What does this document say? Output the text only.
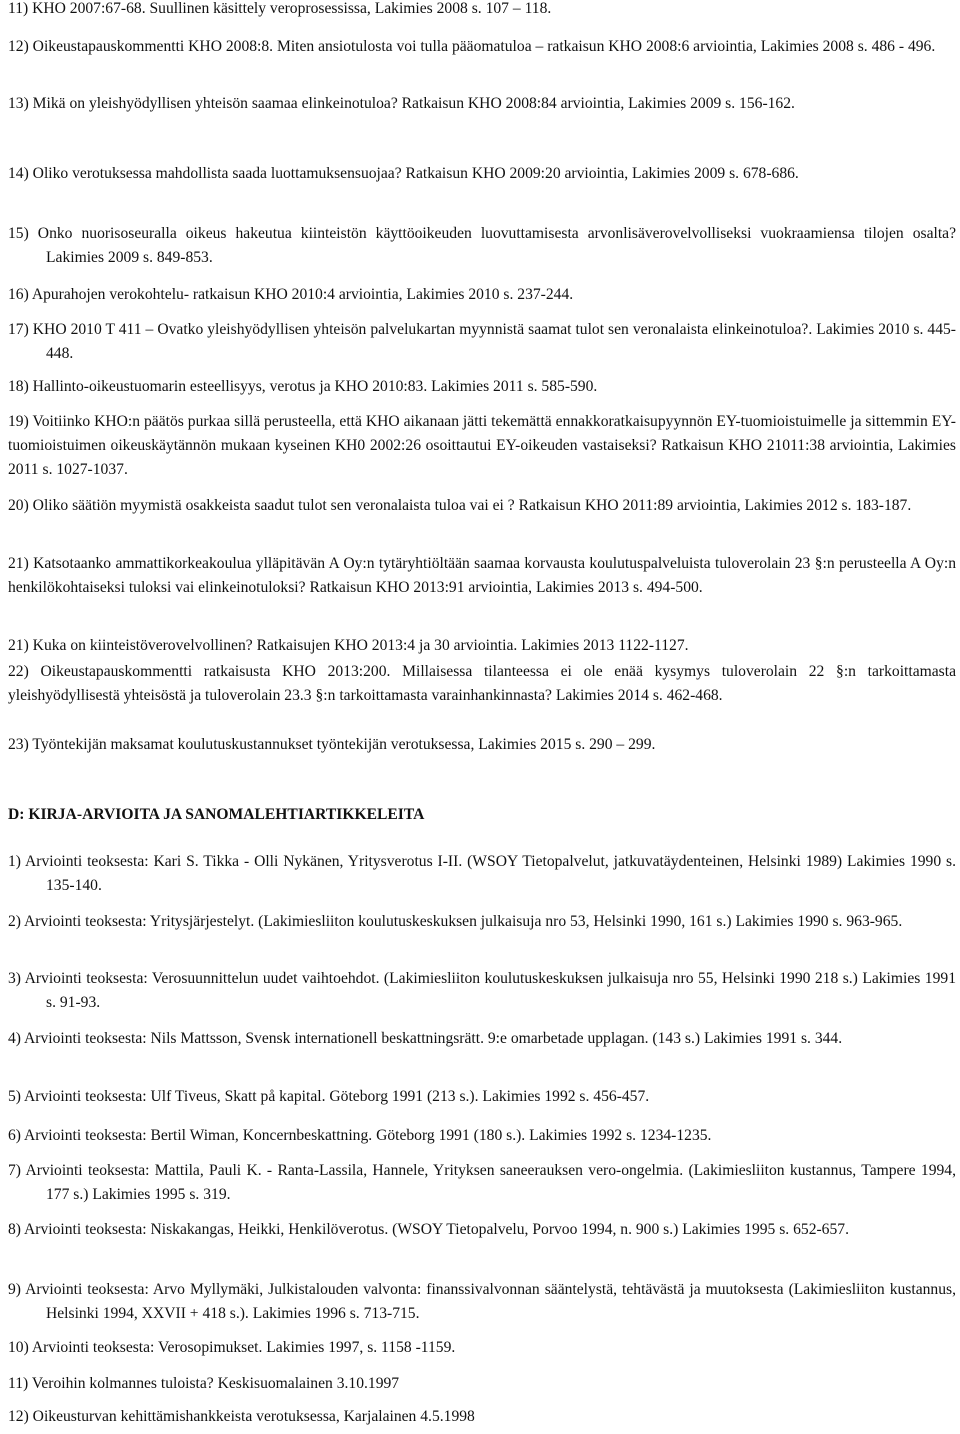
11) KHO 2007:67-68. Suullinen käsittely veroprosessissa, Lakimies 2008 s. 107 – 118.

12) Oikeustapauskommentti KHO 2008:8. Miten ansiotulosta voi tulla pääomatuloa – ratkaisun KHO 2008:6 arviointia, Lakimies 2008 s. 486 - 496.

13) Mikä on yleishyödyllisen yhteisön saamaa elinkeinotuloa? Ratkaisun KHO 2008:84 arviointia, Lakimies 2009 s. 156-162.

14) Oliko verotuksessa mahdollista saada luottamuksensuojaa? Ratkaisun KHO 2009:20 arviointia, Lakimies 2009 s. 678-686.

15) Onko nuorisoseuralla oikeus hakeutua kiinteistön käyttöoikeuden luovuttamisesta arvonlisäverovelvolliseksi vuokraamiensa tilojen osalta? Lakimies 2009 s. 849-853.

16) Apurahojen verokohtelu- ratkaisun KHO 2010:4 arviointia, Lakimies 2010 s. 237-244.

17) KHO 2010 T 411 – Ovatko yleishyödyllisen yhteisön palvelukartan myynnistä saamat tulot sen veronalaista elinkeinotuloa?. Lakimies 2010 s. 445-448.

18) Hallinto-oikeustuomarin esteellisyys, verotus ja KHO 2010:83. Lakimies 2011 s. 585-590.

19) Voitiinko KHO:n päätös purkaa sillä perusteella, että KHO aikanaan jätti tekemättä ennakkoratkaisupyynnön EY-tuomioistuimelle ja sittemmin EY-tuomioistuimen oikeuskäytännön mukaan kyseinen KH0 2002:26 osoittautui EY-oikeuden vastaiseksi? Ratkaisun KHO 21011:38 arviointia, Lakimies 2011 s. 1027-1037.

20) Oliko säätiön myymistä osakkeista saadut tulot sen veronalaista tuloa vai ei ? Ratkaisun KHO 2011:89 arviointia, Lakimies 2012 s. 183-187.

21) Katsotaanko ammattikorkeakoulua ylläpitävän A Oy:n tytäryhtiöltään saamaa korvausta koulutuspalveluista tuloverolain 23 §:n perusteella A Oy:n henkilökohtaiseksi tuloksi vai elinkeinotuloksi? Ratkaisun KHO 2013:91 arviointia, Lakimies 2013 s. 494-500.

21) Kuka on kiinteistöverovelvollinen? Ratkaisujen KHO 2013:4 ja 30 arviointia. Lakimies 2013 1122-1127.

22) Oikeustapauskommentti ratkaisusta KHO 2013:200. Millaisessa tilanteessa ei ole enää kysymys tuloverolain 22 §:n tarkoittamasta yleishyödyllisestä yhteisöstä ja tuloverolain 23.3 §:n tarkoittamasta varainhankinnasta? Lakimies 2014 s. 462-468.

23) Työntekijän maksamat koulutuskustannukset työntekijän verotuksessa, Lakimies 2015 s. 290 – 299.

D: KIRJA-ARVIOITA JA SANOMALEHTIARTIKKELEITA

1) Arviointi teoksesta: Kari S. Tikka - Olli Nykänen, Yritysverotus I-II. (WSOY Tietopalvelut, jatkuvatäydenteinen, Helsinki 1989) Lakimies 1990 s. 135-140.

2) Arviointi teoksesta: Yritysjärjestelyt. (Lakimiesliiton koulutuskeskuksen julkaisuja nro 53, Helsinki 1990, 161 s.) Lakimies 1990 s. 963-965.

3) Arviointi teoksesta: Verosuunnittelun uudet vaihtoehdot. (Lakimiesliiton koulutuskeskuksen julkaisuja nro 55, Helsinki 1990 218 s.) Lakimies 1991 s. 91-93.

4) Arviointi teoksesta: Nils Mattsson, Svensk internationell beskattningsrätt. 9:e omarbetade upplagan. (143 s.) Lakimies 1991 s. 344.

5) Arviointi teoksesta: Ulf Tiveus, Skatt på kapital. Göteborg 1991 (213 s.). Lakimies 1992 s. 456-457.

6) Arviointi teoksesta: Bertil Wiman, Koncernbeskattning. Göteborg 1991 (180 s.). Lakimies 1992 s. 1234-1235.

7) Arviointi teoksesta: Mattila, Pauli K. - Ranta-Lassila, Hannele, Yrityksen saneerauksen vero-ongelmia. (Lakimiesliiton kustannus, Tampere 1994, 177 s.) Lakimies 1995 s. 319.

8) Arviointi teoksesta: Niskakangas, Heikki, Henkilöverotus. (WSOY Tietopalvelu, Porvoo 1994, n. 900 s.) Lakimies 1995 s. 652-657.

9) Arviointi teoksesta: Arvo Myllymäki, Julkistalouden valvonta: finanssivalvonnan sääntelystä, tehtävästä ja muutoksesta (Lakimiesliiton kustannus, Helsinki 1994, XXVII + 418 s.). Lakimies 1996 s. 713-715.

10) Arviointi teoksesta: Verosopimukset. Lakimies 1997, s. 1158 -1159.

11) Veroihin kolmannes tuloista? Keskisuomalainen 3.10.1997

12) Oikeusturvan kehittämishankkeista verotuksessa, Karjalainen 4.5.1998
